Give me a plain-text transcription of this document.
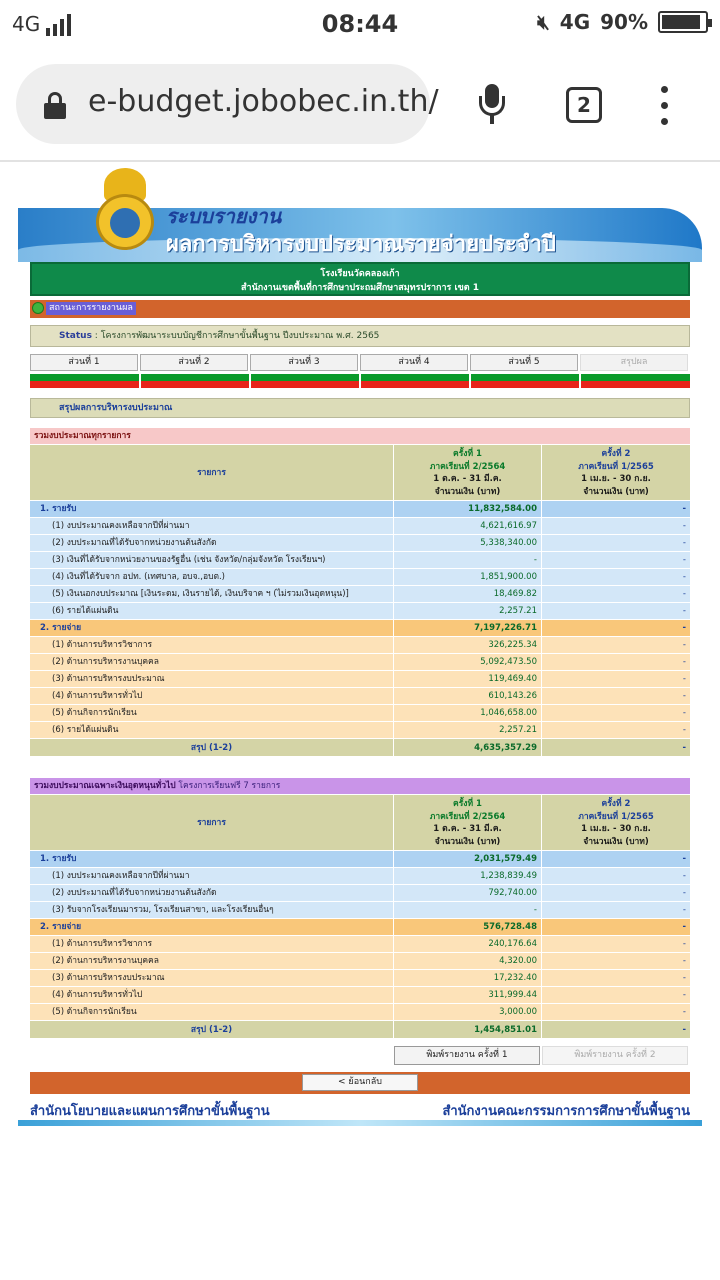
4G	08:44	🔇︎ 4G 90%
e-budget.jobobec.in.th/	2
ระบบรายงาน
ผลการบริหารงบประมาณรายจ่ายประจำปี
โรงเรียนวัดคลองเก้า
สำนักงานเขตพื้นที่การศึกษาประถมศึกษาสมุทรปราการ เขต 1
สถานะการรายงานผล
Status : โครงการพัฒนาระบบบัญชีการศึกษาขั้นพื้นฐาน ปีงบประมาณ พ.ศ. 2565
ส่วนที่ 1	ส่วนที่ 2	ส่วนที่ 3	ส่วนที่ 4	ส่วนที่ 5	สรุปผล
สรุปผลการบริหารงบประมาณ
รวมงบประมาณทุกรายการ
รายการ
ครั้งที่ 1
ภาคเรียนที่ 2/2564
1 ต.ค. - 31 มี.ค.
จำนวนเงิน (บาท)
ครั้งที่ 2
ภาคเรียนที่ 1/2565
1 เม.ย. - 30 ก.ย.
จำนวนเงิน (บาท)
1. รายรับ	11,832,584.00	-
(1) งบประมาณคงเหลือจากปีที่ผ่านมา	4,621,616.97	-
(2) งบประมาณที่ได้รับจากหน่วยงานต้นสังกัด	5,338,340.00	-
(3) เงินที่ได้รับจากหน่วยงานของรัฐอื่น (เช่น จังหวัด/กลุ่มจังหวัด โรงเรียนฯ)	-	-
(4) เงินที่ได้รับจาก อปท. (เทศบาล, อบจ.,อบต.)	1,851,900.00	-
(5) เงินนอกงบประมาณ [เงินระดม, เงินรายได้, เงินบริจาค ฯ (ไม่รวมเงินอุดหนุน)]	18,469.82	-
(6) รายได้แผ่นดิน	2,257.21	-
2. รายจ่าย	7,197,226.71	-
(1) ด้านการบริหารวิชาการ	326,225.34	-
(2) ด้านการบริหารงานบุคคล	5,092,473.50	-
(3) ด้านการบริหารงบประมาณ	119,469.40	-
(4) ด้านการบริหารทั่วไป	610,143.26	-
(5) ด้านกิจการนักเรียน	1,046,658.00	-
(6) รายได้แผ่นดิน	2,257.21	-
สรุป (1-2)	4,635,357.29	-
รวมงบประมาณเฉพาะเงินอุดหนุนทั่วไป โครงการเรียนฟรี 7 รายการ
รายการ
ครั้งที่ 1
ภาคเรียนที่ 2/2564
1 ต.ค. - 31 มี.ค.
จำนวนเงิน (บาท)
ครั้งที่ 2
ภาคเรียนที่ 1/2565
1 เม.ย. - 30 ก.ย.
จำนวนเงิน (บาท)
1. รายรับ	2,031,579.49	-
(1) งบประมาณคงเหลือจากปีที่ผ่านมา	1,238,839.49	-
(2) งบประมาณที่ได้รับจากหน่วยงานต้นสังกัด	792,740.00	-
(3) รับจากโรงเรียนมารวม, โรงเรียนสาขา, และโรงเรียนอื่นๆ	-	-
2. รายจ่าย	576,728.48	-
(1) ด้านการบริหารวิชาการ	240,176.64	-
(2) ด้านการบริหารงานบุคคล	4,320.00	-
(3) ด้านการบริหารงบประมาณ	17,232.40	-
(4) ด้านการบริหารทั่วไป	311,999.44	-
(5) ด้านกิจการนักเรียน	3,000.00	-
สรุป (1-2)	1,454,851.01	-
พิมพ์รายงาน ครั้งที่ 1	พิมพ์รายงาน ครั้งที่ 2
< ย้อนกลับ
สำนักนโยบายและแผนการศึกษาขั้นพื้นฐาน	สำนักงานคณะกรรมการการศึกษาขั้นพื้นฐาน
